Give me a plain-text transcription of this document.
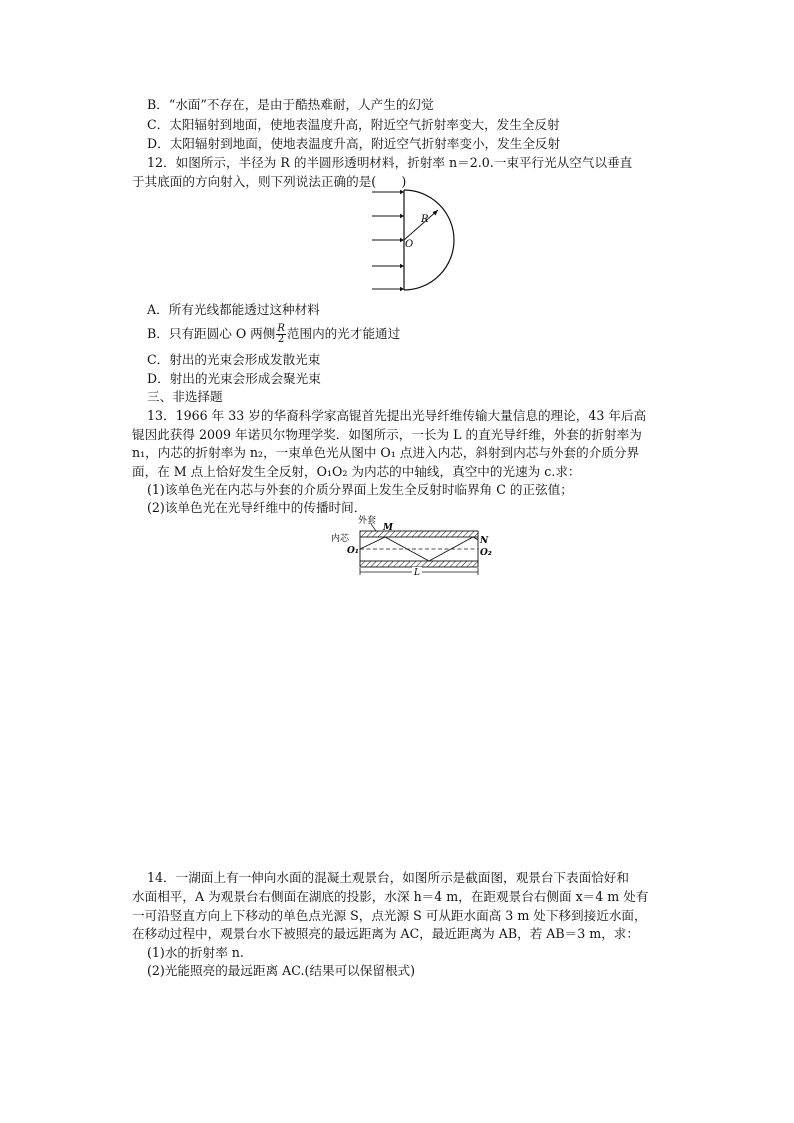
B．“水面”不存在，是由于酷热难耐，人产生的幻觉
C．太阳辐射到地面，使地表温度升高，附近空气折射率变大，发生全反射
D．太阳辐射到地面，使地表温度升高，附近空气折射率变小，发生全反射
12．如图所示，半径为 R 的半圆形透明材料，折射率 n＝2.0.一束平行光从空气以垂直
于其底面的方向射入，则下列说法正确的是(　　)
R
O
A．所有光线都能透过这种材料
B．只有距圆心 O 两侧 $\frac{R}{2}$ 范围内的光才能通过
C．射出的光束会形成发散光束
D．射出的光束会形成会聚光束
三、非选择题
13．1966 年 33 岁的华裔科学家高锟首先提出光导纤维传输大量信息的理论，43 年后高
锟因此获得 2009 年诺贝尔物理学奖．如图所示，一长为 L 的直光导纤维，外套的折射率为
n₁，内芯的折射率为 n₂，一束单色光从图中 O₁ 点进入内芯，斜射到内芯与外套的介质分界
面，在 M 点上恰好发生全反射，O₁O₂ 为内芯的中轴线，真空中的光速为 c.求：
(1)该单色光在内芯与外套的介质分界面上发生全反射时临界角 C 的正弦值；
(2)该单色光在光导纤维中的传播时间．
外套
内芯
M
N
O₁	O₂
L
14．一湖面上有一伸向水面的混凝土观景台，如图所示是截面图，观景台下表面恰好和
水面相平，A 为观景台右侧面在湖底的投影，水深 h＝4 m，在距观景台右侧面 x＝4 m 处有
一可沿竖直方向上下移动的单色点光源 S，点光源 S 可从距水面高 3 m 处下移到接近水面，
在移动过程中，观景台水下被照亮的最远距离为 AC，最近距离为 AB，若 AB＝3 m，求：
(1)水的折射率 n.
(2)光能照亮的最远距离 AC.(结果可以保留根式)
